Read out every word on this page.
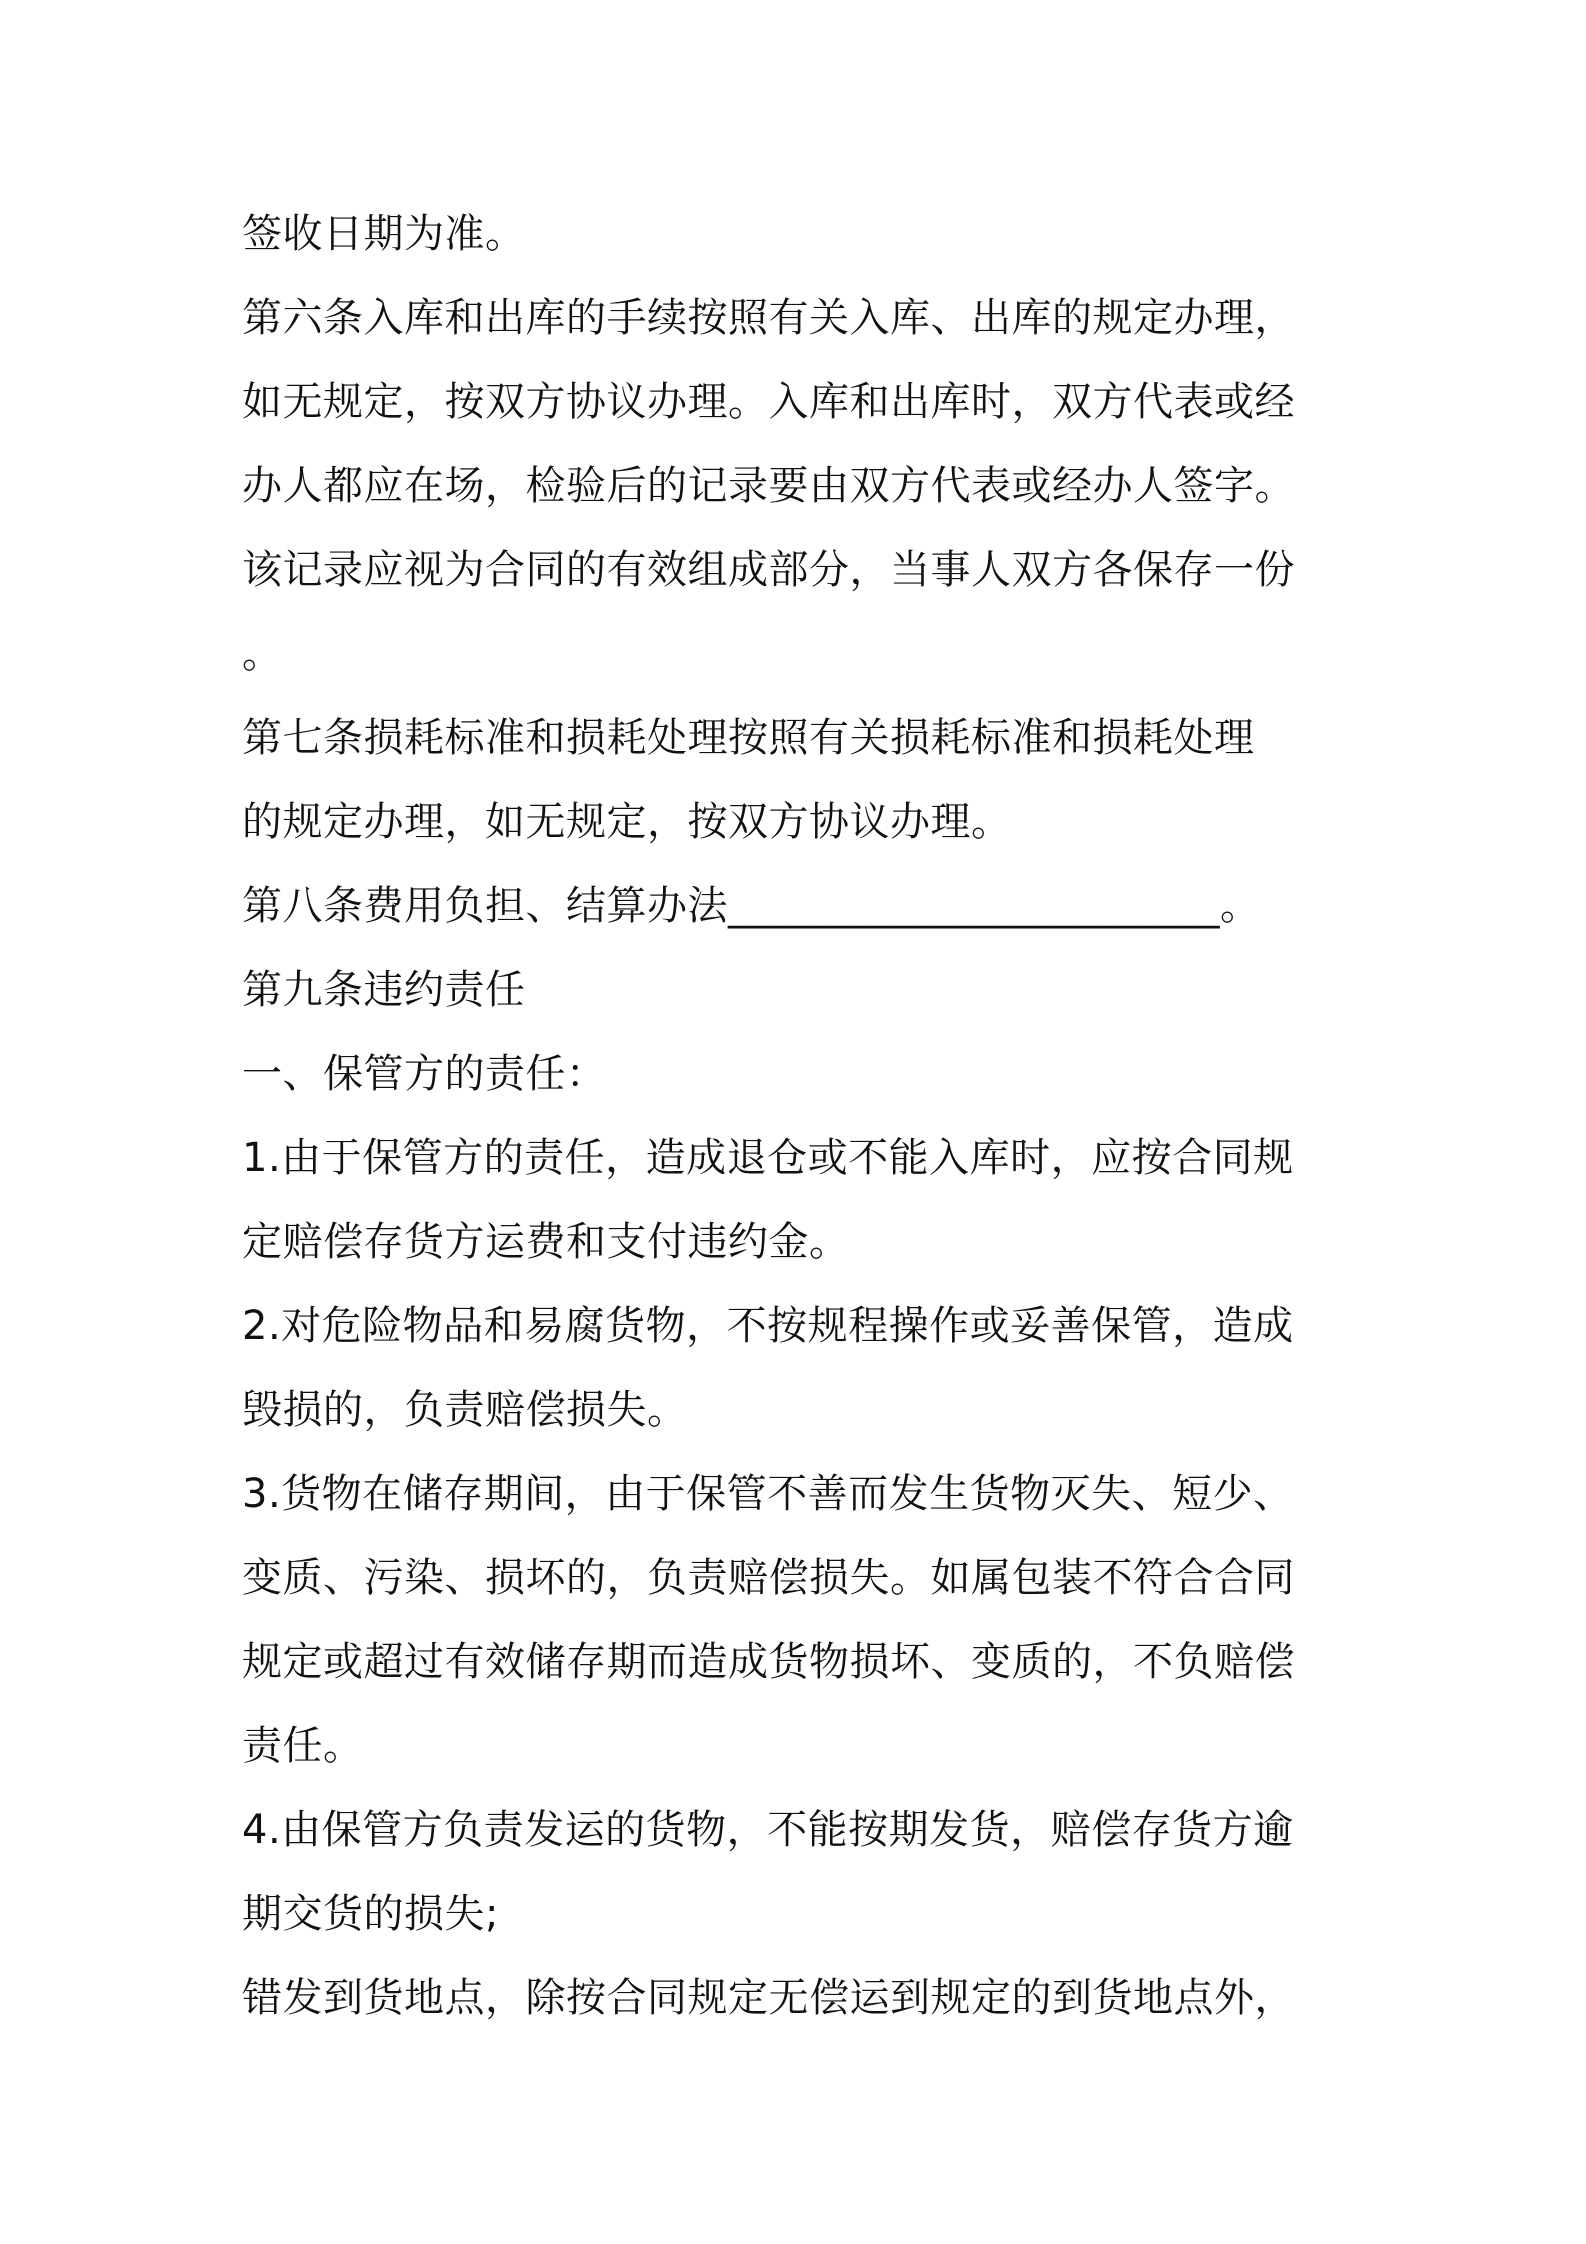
签收日期为准。
第六条入库和出库的手续按照有关入库、出库的规定办理，
如无规定，按双方协议办理。入库和出库时，双方代表或经
办人都应在场，检验后的记录要由双方代表或经办人签字。
该记录应视为合同的有效组成部分，当事人双方各保存一份
。
第七条损耗标准和损耗处理按照有关损耗标准和损耗处理
的规定办理，如无规定，按双方协议办理。
第八条费用负担、结算办法________________________。
第九条违约责任
一、保管方的责任：
1.由于保管方的责任，造成退仓或不能入库时，应按合同规
定赔偿存货方运费和支付违约金。
2.对危险物品和易腐货物，不按规程操作或妥善保管，造成
毁损的，负责赔偿损失。
3.货物在储存期间，由于保管不善而发生货物灭失、短少、
变质、污染、损坏的，负责赔偿损失。如属包装不符合合同
规定或超过有效储存期而造成货物损坏、变质的，不负赔偿
责任。
4.由保管方负责发运的货物，不能按期发货，赔偿存货方逾
期交货的损失;
错发到货地点，除按合同规定无偿运到规定的到货地点外，
